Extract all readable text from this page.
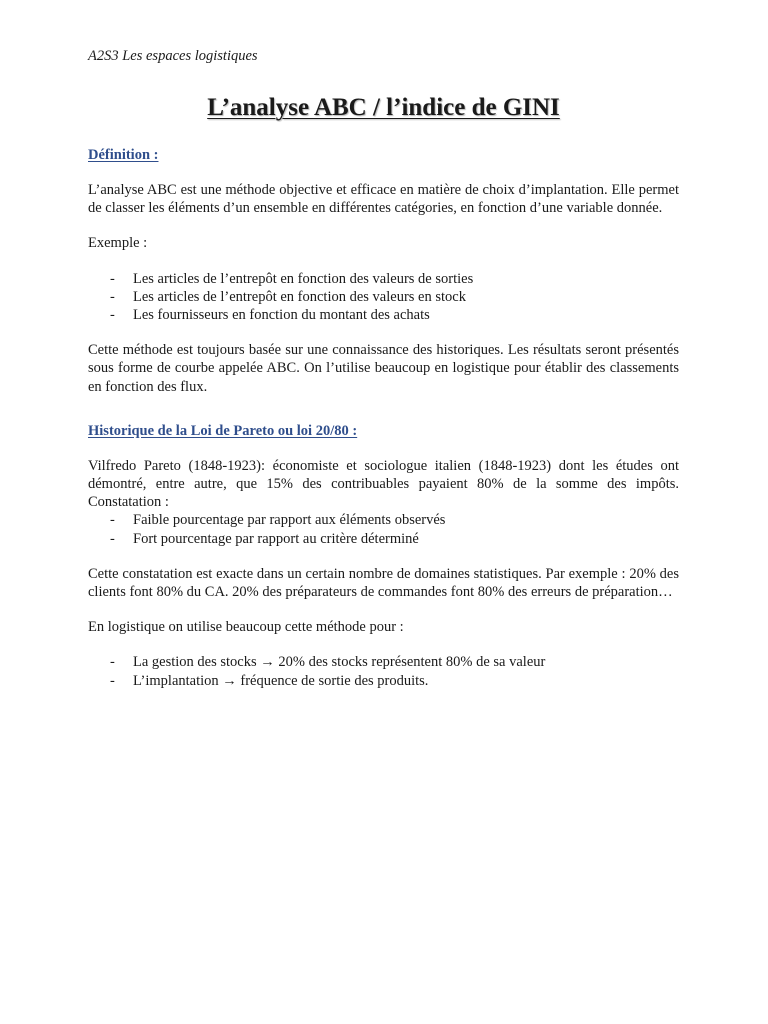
A2S3 Les espaces logistiques

L’analyse ABC / l’indice de GINI
Définition :

L’analyse ABC est une méthode objective et efficace en matière de choix d’implantation. Elle permet de classer les éléments d’un ensemble en différentes catégories, en fonction d’une variable donnée.

Exemple :

- Les articles de l’entrepôt en fonction des valeurs de sorties
- Les articles de l’entrepôt en fonction des valeurs en stock
- Les fournisseurs en fonction du montant des achats

Cette méthode est toujours basée sur une connaissance des historiques. Les résultats seront présentés sous forme de courbe appelée ABC. On l’utilise beaucoup en logistique pour établir des classements en fonction des flux.

Historique de la Loi de Pareto ou loi 20/80 :

Vilfredo Pareto (1848-1923): économiste et sociologue italien (1848-1923) dont les études ont démontré, entre autre, que 15% des contribuables payaient 80% de la somme des impôts. Constatation :

- Faible pourcentage par rapport aux éléments observés
- Fort pourcentage par rapport au critère déterminé

Cette constatation est exacte dans un certain nombre de domaines statistiques. Par exemple : 20% des clients font 80% du CA. 20% des préparateurs de commandes font 80% des erreurs de préparation…

En logistique on utilise beaucoup cette méthode pour :

- La gestion des stocks → 20% des stocks représentent 80% de sa valeur
- L’implantation → fréquence de sortie des produits.
